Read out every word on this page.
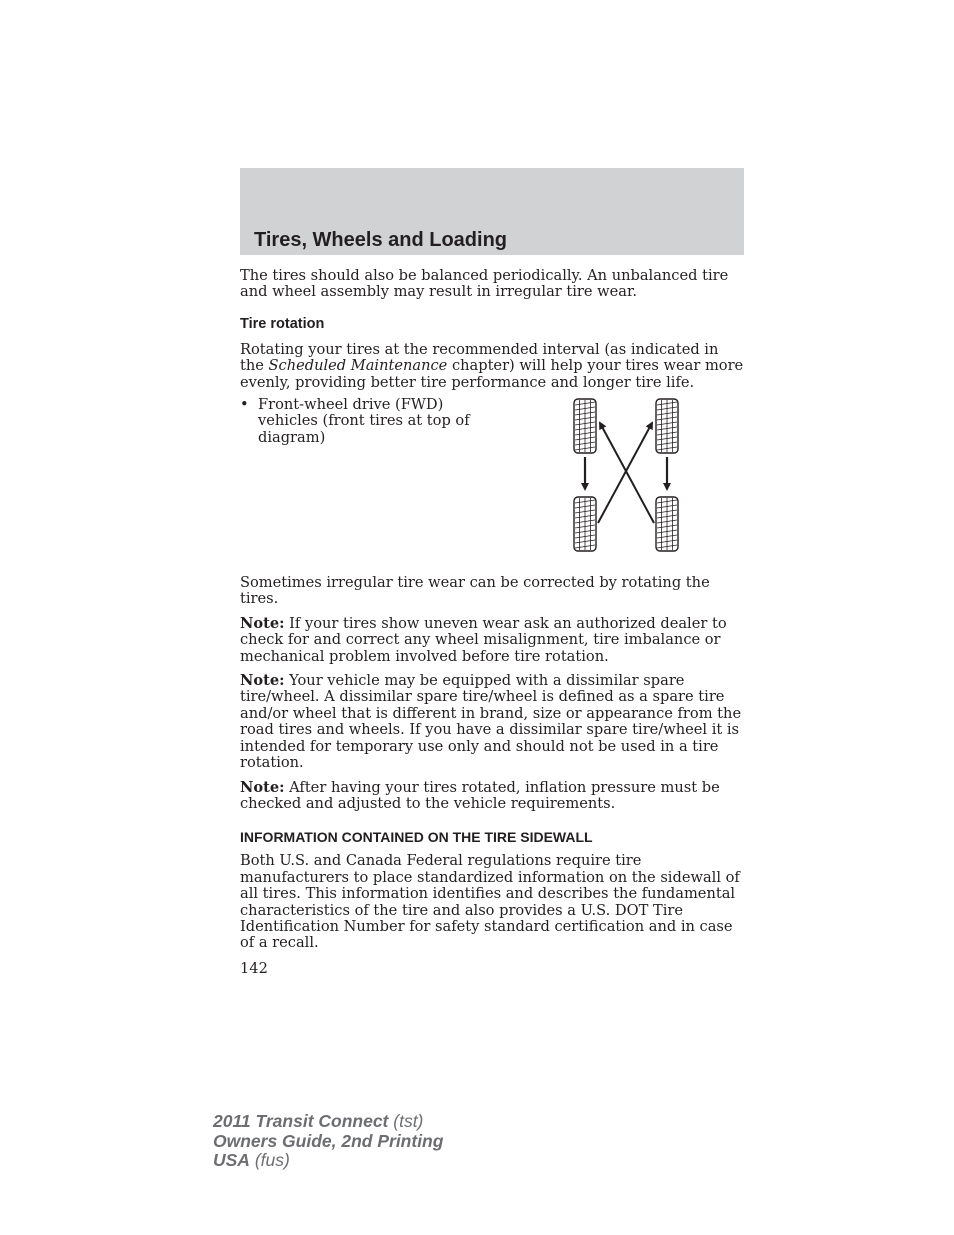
Tires, Wheels and Loading

The tires should also be balanced periodically. An unbalanced tire and wheel assembly may result in irregular tire wear.

Tire rotation

Rotating your tires at the recommended interval (as indicated in the Scheduled Maintenance chapter) will help your tires wear more evenly, providing better tire performance and longer tire life.

• Front-wheel drive (FWD) vehicles (front tires at top of diagram)

Sometimes irregular tire wear can be corrected by rotating the tires.

Note: If your tires show uneven wear ask an authorized dealer to check for and correct any wheel misalignment, tire imbalance or mechanical problem involved before tire rotation.

Note: Your vehicle may be equipped with a dissimilar spare tire/wheel. A dissimilar spare tire/wheel is defined as a spare tire and/or wheel that is different in brand, size or appearance from the road tires and wheels. If you have a dissimilar spare tire/wheel it is intended for temporary use only and should not be used in a tire rotation.

Note: After having your tires rotated, inflation pressure must be checked and adjusted to the vehicle requirements.

INFORMATION CONTAINED ON THE TIRE SIDEWALL

Both U.S. and Canada Federal regulations require tire manufacturers to place standardized information on the sidewall of all tires. This information identifies and describes the fundamental characteristics of the tire and also provides a U.S. DOT Tire Identification Number for safety standard certification and in case of a recall.

142
2011 Transit Connect (tst)
Owners Guide, 2nd Printing
USA (fus)
